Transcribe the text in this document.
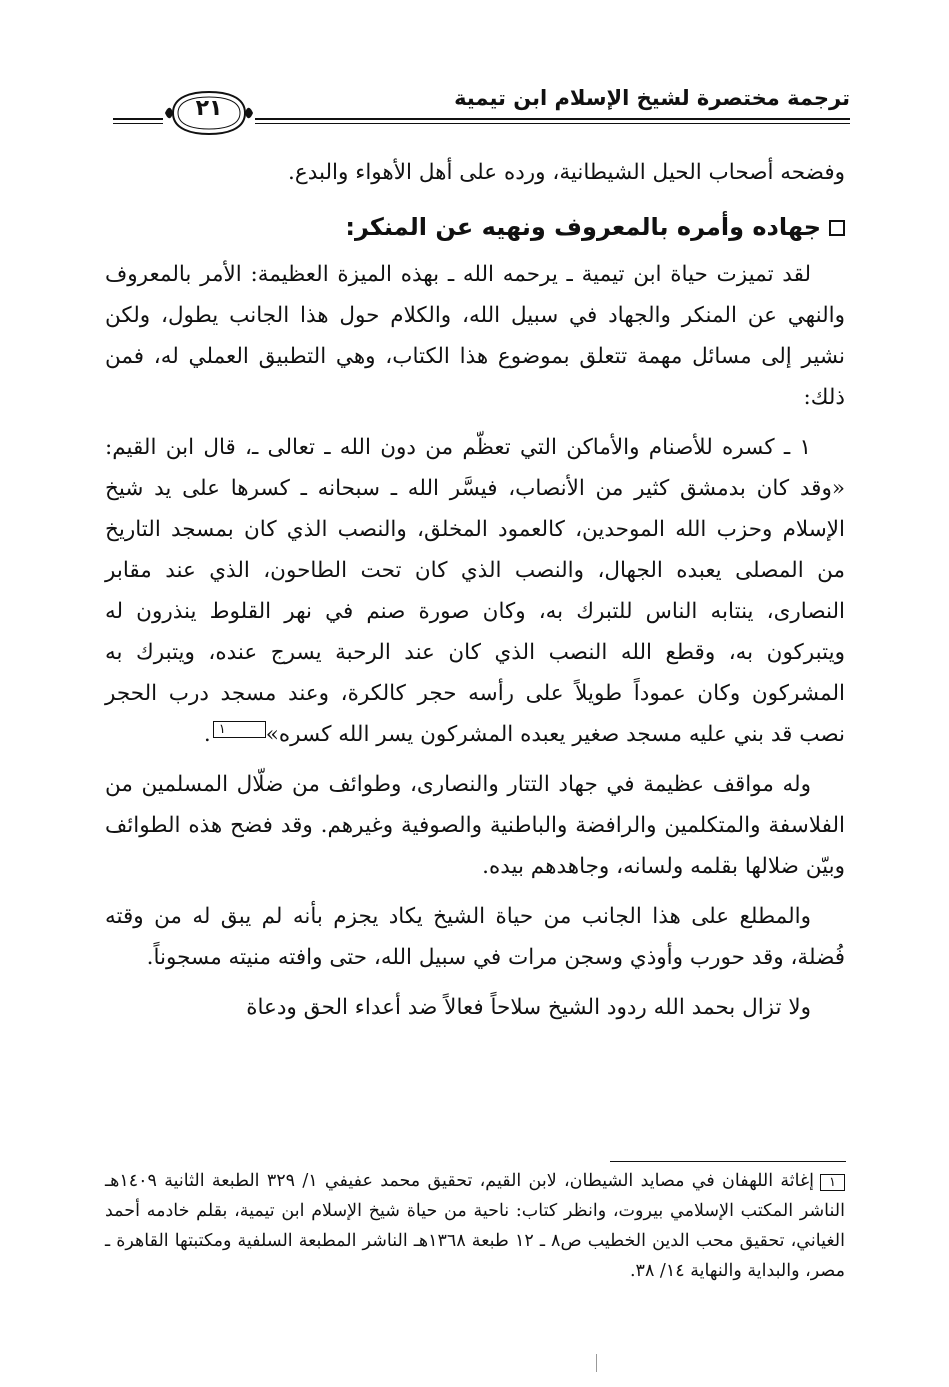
ترجمة مختصرة لشيخ الإسلام ابن تيمية
٢١

وفضحه أصحاب الحيل الشيطانية، ورده على أهل الأهواء والبدع.

جهاده وأمره بالمعروف ونهيه عن المنكر:

لقد تميزت حياة ابن تيمية ـ يرحمه الله ـ بهذه الميزة العظيمة: الأمر بالمعروف والنهي عن المنكر والجهاد في سبيل الله، والكلام حول هذا الجانب يطول، ولكن نشير إلى مسائل مهمة تتعلق بموضوع هذا الكتاب، وهي التطبيق العملي له، فمن ذلك:

١ ـ كسره للأصنام والأماكن التي تعظّم من دون الله ـ تعالى ـ، قال ابن القيم: «وقد كان بدمشق كثير من الأنصاب، فيسَّر الله ـ سبحانه ـ كسرها على يد شيخ الإسلام وحزب الله الموحدين، كالعمود المخلق، والنصب الذي كان بمسجد التاريخ من المصلى يعبده الجهال، والنصب الذي كان تحت الطاحون، الذي عند مقابر النصارى، ينتابه الناس للتبرك به، وكان صورة صنم في نهر القلوط ينذرون له ويتبركون به، وقطع الله النصب الذي كان عند الرحبة يسرج عنده، ويتبرك به المشركون وكان عموداً طويلاً على رأسه حجر كالكرة، وعند مسجد درب الحجر نصب قد بني عليه مسجد صغير يعبده المشركون يسر الله كسره»١.

وله مواقف عظيمة في جهاد التتار والنصارى، وطوائف من ضلّال المسلمين من الفلاسفة والمتكلمين والرافضة والباطنية والصوفية وغيرهم. وقد فضح هذه الطوائف وبيّن ضلالها بقلمه ولسانه، وجاهدهم بيده.

والمطلع على هذا الجانب من حياة الشيخ يكاد يجزم بأنه لم يبق له من وقته فُضلة، وقد حورب وأوذي وسجن مرات في سبيل الله، حتى وافته منيته مسجوناً.

ولا تزال بحمد الله ردود الشيخ سلاحاً فعالاً ضد أعداء الحق ودعاة

١إغاثة اللهفان في مصايد الشيطان، لابن القيم، تحقيق محمد عفيفي ١/ ٣٢٩ الطبعة الثانية ١٤٠٩هـ الناشر المكتب الإسلامي بيروت، وانظر كتاب: ناحية من حياة شيخ الإسلام ابن تيمية، بقلم خادمه أحمد الغياني، تحقيق محب الدين الخطيب ص٨ ـ ١٢ طبعة ١٣٦٨هـ الناشر المطبعة السلفية ومكتبتها القاهرة ـ مصر، والبداية والنهاية ١٤/ ٣٨.
